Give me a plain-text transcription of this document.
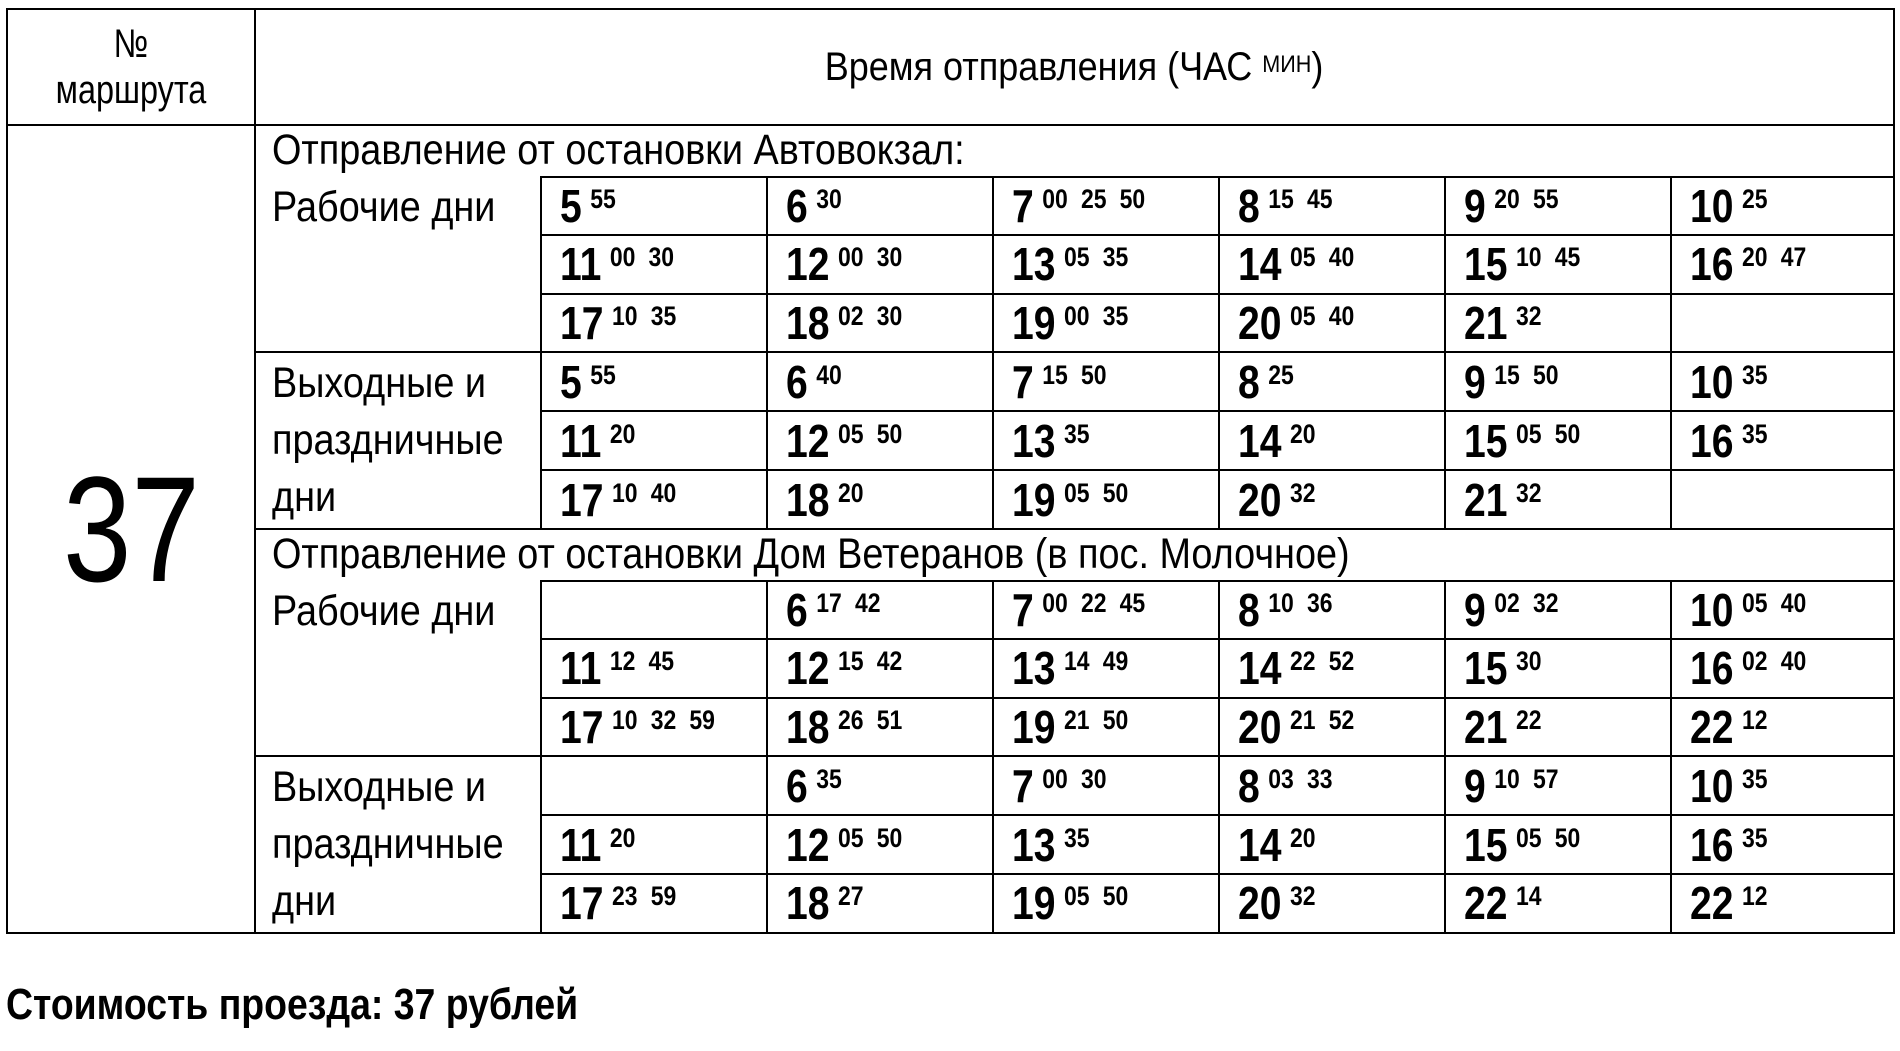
№
маршрута	Время отправления (ЧАС $^{МИН}$)						
37	Отправление от остановки Автовокзал:						
	Рабочие дни	5 55	6 30	7 00 25 50	8 15 45	9 20 55	10 25
		11 00 30	12 00 30	13 05 35	14 05 40	15 10 45	16 20 47
		17 10 35	18 02 30	19 00 35	20 05 40	21 32	
	Выходные и праздничные дни	5 55	6 40	7 15 50	8 25	9 15 50	10 35
		11 20	12 05 50	13 35	14 20	15 05 50	16 35
		17 10 40	18 20	19 05 50	20 32	21 32	
	Отправление от остановки Дом Ветеранов (в пос. Молочное)						
	Рабочие дни		6 17 42	7 00 22 45	8 10 36	9 02 32	10 05 40
		11 12 45	12 15 42	13 14 49	14 22 52	15 30	16 02 40
		17 10 32 59	18 26 51	19 21 50	20 21 52	21 22	22 12
	Выходные и праздничные дни		6 35	7 00 30	8 03 33	9 10 57	10 35
		11 20	12 05 50	13 35	14 20	15 05 50	16 35
		17 23 59	18 27	19 05 50	20 32	22 14	22 12
Стоимость проезда: 37 рублей
